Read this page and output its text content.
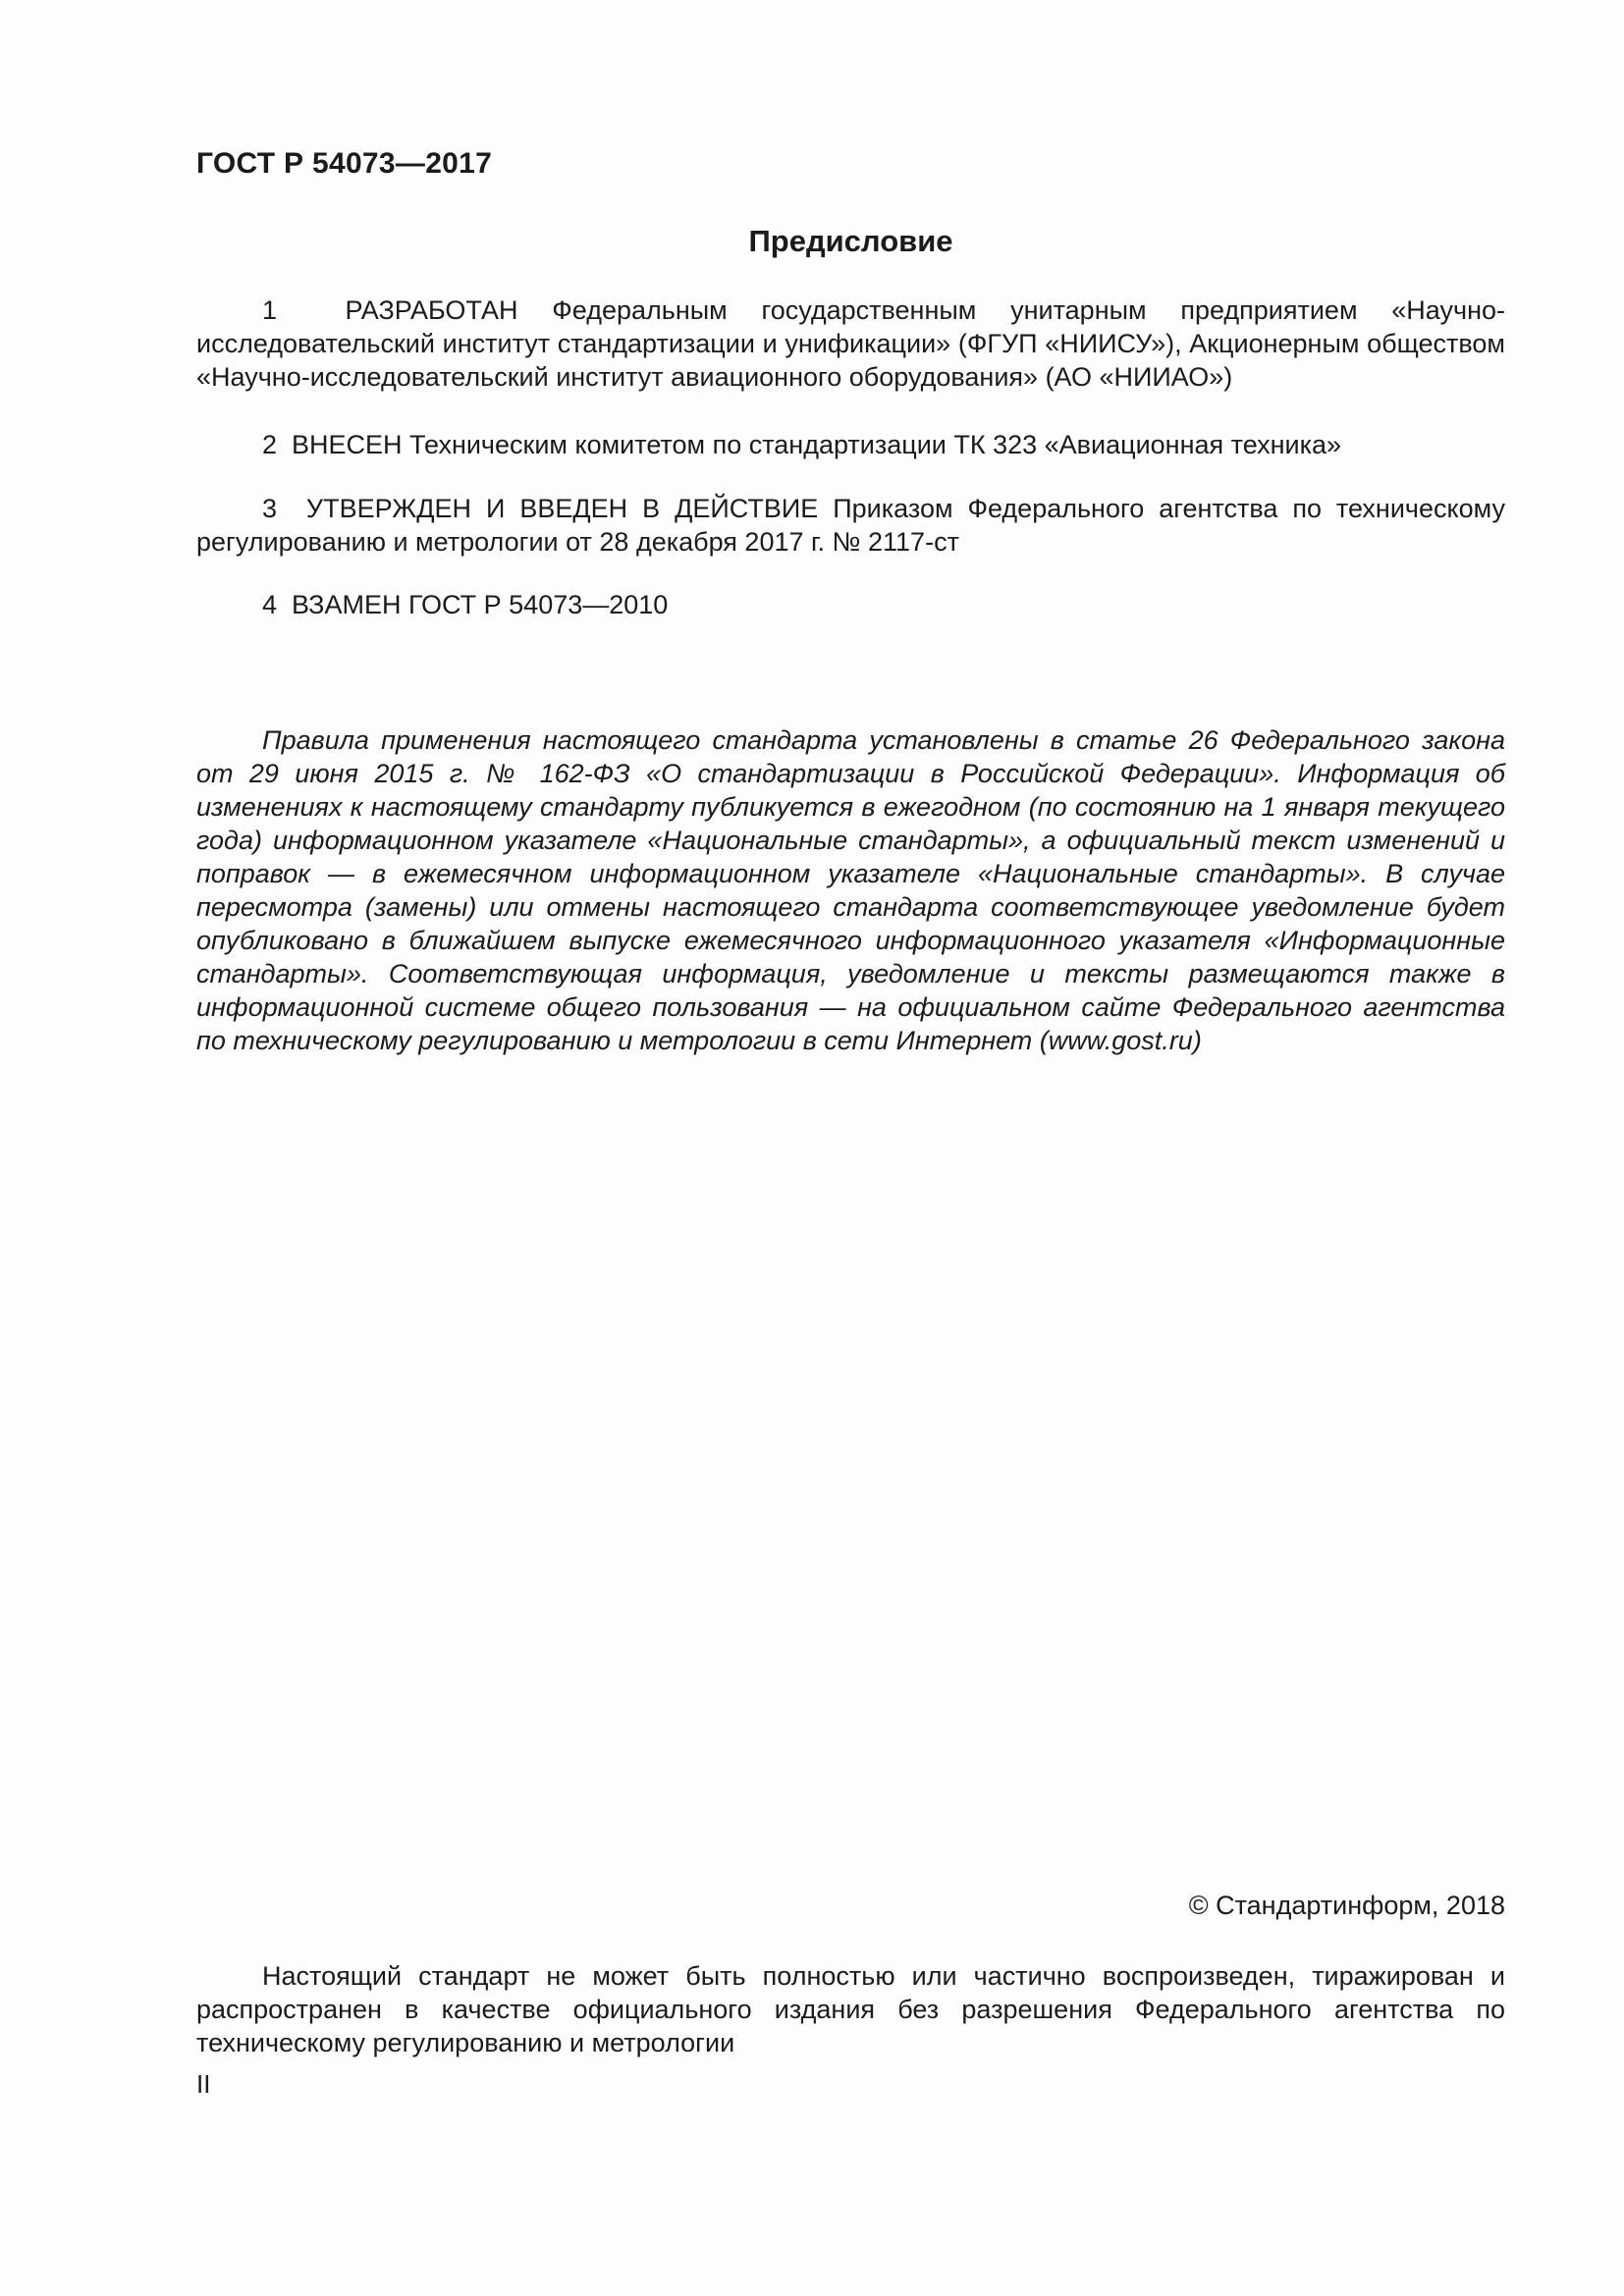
ГОСТ Р 54073—2017
Предисловие

1  РАЗРАБОТАН Федеральным государственным унитарным предприятием «Научно-исследовательский институт стандартизации и унификации» (ФГУП «НИИСУ»), Акционерным обществом «Научно-исследовательский институт авиационного оборудования» (АО «НИИАО»)

2  ВНЕСЕН Техническим комитетом по стандартизации ТК 323 «Авиационная техника»

3  УТВЕРЖДЕН И ВВЕДЕН В ДЕЙСТВИЕ Приказом Федерального агентства по техническому регулированию и метрологии от 28 декабря 2017 г. № 2117-ст

4  ВЗАМЕН ГОСТ Р 54073—2010

Правила применения настоящего стандарта установлены в статье 26 Федерального закона от 29 июня 2015 г. № 162-ФЗ «О стандартизации в Российской Федерации». Информация об изменениях к настоящему стандарту публикуется в ежегодном (по состоянию на 1 января текущего года) информационном указателе «Национальные стандарты», а официальный текст изменений и поправок — в ежемесячном информационном указателе «Национальные стандарты». В случае пересмотра (замены) или отмены настоящего стандарта соответствующее уведомление будет опубликовано в ближайшем выпуске ежемесячного информационного указателя «Информационные стандарты». Соответствующая информация, уведомление и тексты размещаются также в информационной системе общего пользования — на официальном сайте Федерального агентства по техническому регулированию и метрологии в сети Интернет (www.gost.ru)

© Стандартинформ, 2018

Настоящий стандарт не может быть полностью или частично воспроизведен, тиражирован и распространен в качестве официального издания без разрешения Федерального агентства по техническому регулированию и метрологии

II
